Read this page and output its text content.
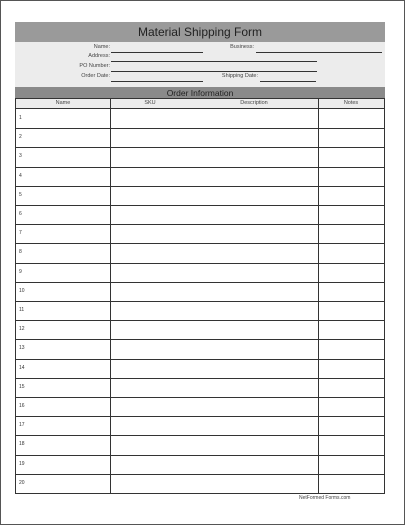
Material Shipping Form
Name:	Business:
Address:
PO Number:
Order Date:	Shipping Date:
Order Information
Name	SKU	Description	Notes
1
2
3
4
5
6
7
8
9
10
11
12
13
14
15
16
17
18
19
20
NetFormed Forms.com
